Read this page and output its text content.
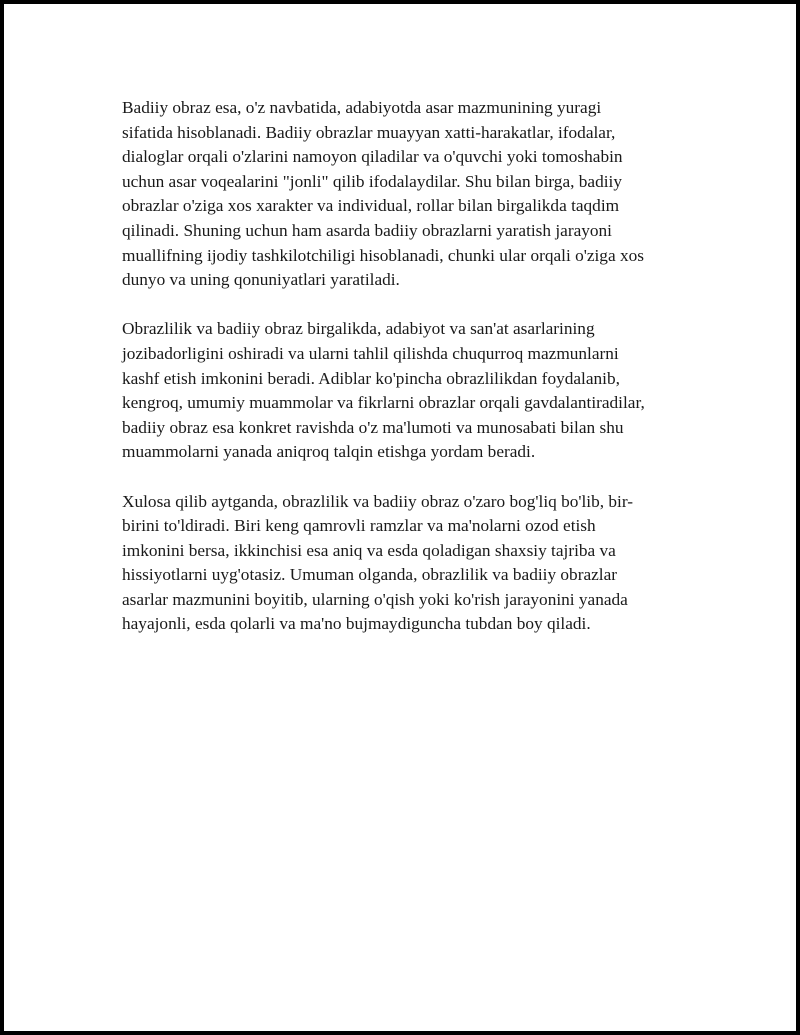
Badiiy obraz esa, o'z navbatida, adabiyotda asar mazmunining yuragi
sifatida hisoblanadi. Badiiy obrazlar muayyan xatti-harakatlar, ifodalar,
dialoglar orqali o'zlarini namoyon qiladilar va o'quvchi yoki tomoshabin
uchun asar voqealarini "jonli" qilib ifodalaydilar. Shu bilan birga, badiiy
obrazlar o'ziga xos xarakter va individual, rollar bilan birgalikda taqdim
qilinadi. Shuning uchun ham asarda badiiy obrazlarni yaratish jarayoni
muallifning ijodiy tashkilotchiligi hisoblanadi, chunki ular orqali o'ziga xos
dunyo va uning qonuniyatlari yaratiladi.

Obrazlilik va badiiy obraz birgalikda, adabiyot va san'at asarlarining
jozibadorligini oshiradi va ularni tahlil qilishda chuqurroq mazmunlarni
kashf etish imkonini beradi. Adiblar ko'pincha obrazlilikdan foydalanib,
kengroq, umumiy muammolar va fikrlarni obrazlar orqali gavdalantiradilar,
badiiy obraz esa konkret ravishda o'z ma'lumoti va munosabati bilan shu
muammolarni yanada aniqroq talqin etishga yordam beradi.

Xulosa qilib aytganda, obrazlilik va badiiy obraz o'zaro bog'liq bo'lib, bir-
birini to'ldiradi. Biri keng qamrovli ramzlar va ma'nolarni ozod etish
imkonini bersa, ikkinchisi esa aniq va esda qoladigan shaxsiy tajriba va
hissiyotlarni uyg'otasiz. Umuman olganda, obrazlilik va badiiy obrazlar
asarlar mazmunini boyitib, ularning o'qish yoki ko'rish jarayonini yanada
hayajonli, esda qolarli va ma'no bujmaydiguncha tubdan boy qiladi.
